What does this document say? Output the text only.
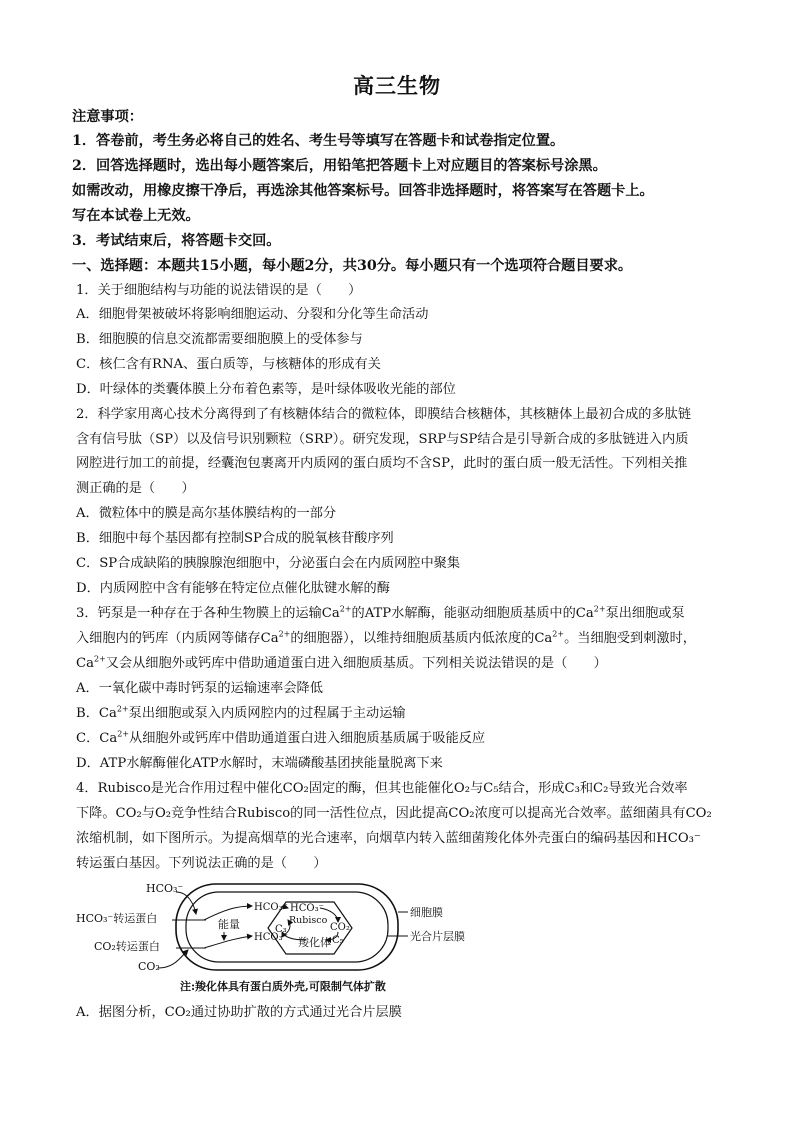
高三生物
注意事项：
1．答卷前，考生务必将自己的姓名、考生号等填写在答题卡和试卷指定位置。
2．回答选择题时，选出每小题答案后，用铅笔把答题卡上对应题目的答案标号涂黑。
如需改动，用橡皮擦干净后，再选涂其他答案标号。回答非选择题时，将答案写在答题卡上。
写在本试卷上无效。
3．考试结束后，将答题卡交回。
一、选择题：本题共15小题，每小题2分，共30分。每小题只有一个选项符合题目要求。
1．关于细胞结构与功能的说法错误的是（　　）
A．细胞骨架被破坏将影响细胞运动、分裂和分化等生命活动
B．细胞膜的信息交流都需要细胞膜上的受体参与
C．核仁含有RNA、蛋白质等，与核糖体的形成有关
D．叶绿体的类囊体膜上分布着色素等，是叶绿体吸收光能的部位
2．科学家用离心技术分离得到了有核糖体结合的微粒体，即膜结合核糖体，其核糖体上最初合成的多肽链
含有信号肽（SP）以及信号识别颗粒（SRP）。研究发现，SRP与SP结合是引导新合成的多肽链进入内质
网腔进行加工的前提，经囊泡包裹离开内质网的蛋白质均不含SP，此时的蛋白质一般无活性。下列相关推
测正确的是（　　）
A．微粒体中的膜是高尔基体膜结构的一部分
B．细胞中每个基因都有控制SP合成的脱氧核苷酸序列
C．SP合成缺陷的胰腺腺泡细胞中，分泌蛋白会在内质网腔中聚集
D．内质网腔中含有能够在特定位点催化肽键水解的酶
3．钙泵是一种存在于各种生物膜上的运输$Ca^{2+}$的ATP水解酶，能驱动细胞质基质中的$Ca^{2+}$泵出细胞或泵
入细胞内的钙库（内质网等储存$Ca^{2+}$的细胞器），以维持细胞质基质内低浓度的$Ca^{2+}$。当细胞受到刺激时，
$Ca^{2+}$又会从细胞外或钙库中借助通道蛋白进入细胞质基质。下列相关说法错误的是（　　）
A．一氧化碳中毒时钙泵的运输速率会降低
B．$Ca^{2+}$泵出细胞或泵入内质网腔内的过程属于主动运输
C．$Ca^{2+}$从细胞外或钙库中借助通道蛋白进入细胞质基质属于吸能反应
D．ATP水解酶催化ATP水解时，末端磷酸基团挟能量脱离下来
4．Rubisco是光合作用过程中催化CO₂固定的酶，但其也能催化O₂与C₅结合，形成C₃和C₂导致光合效率
下降。CO₂与O₂竞争性结合Rubisco的同一活性位点，因此提高CO₂浓度可以提高光合效率。蓝细菌具有CO₂
浓缩机制，如下图所示。为提高烟草的光合速率，向烟草内转入蓝细菌羧化体外壳蛋白的编码基因和HCO₃⁻
转运蛋白基因。下列说法正确的是（　　）
HCO₃⁻
HCO₃⁻转运蛋白
CO₂转运蛋白
CO₂
能量
HCO₃⁻
HCO₃⁻
HCO₃⁻
Rubisco
C₃	CO₂
C₅
羧化体
细胞膜
光合片层膜
注:羧化体具有蛋白质外壳,可限制气体扩散
A．据图分析，CO₂通过协助扩散的方式通过光合片层膜
